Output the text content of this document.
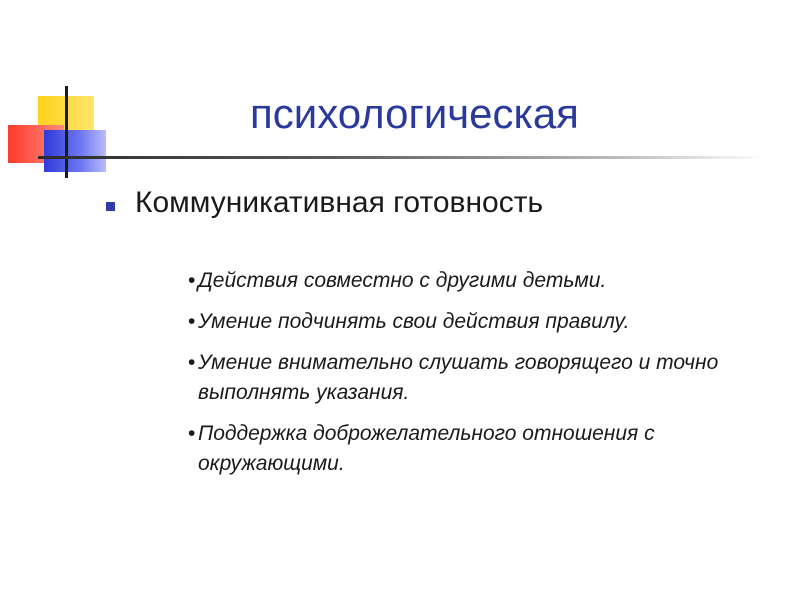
психологическая
Коммуникативная готовность
• Действия совместно с другими детьми.
• Умение подчинять свои действия правилу.
• Умение внимательно слушать говорящего и точно выполнять указания.
• Поддержка доброжелательного отношения с окружающими.
